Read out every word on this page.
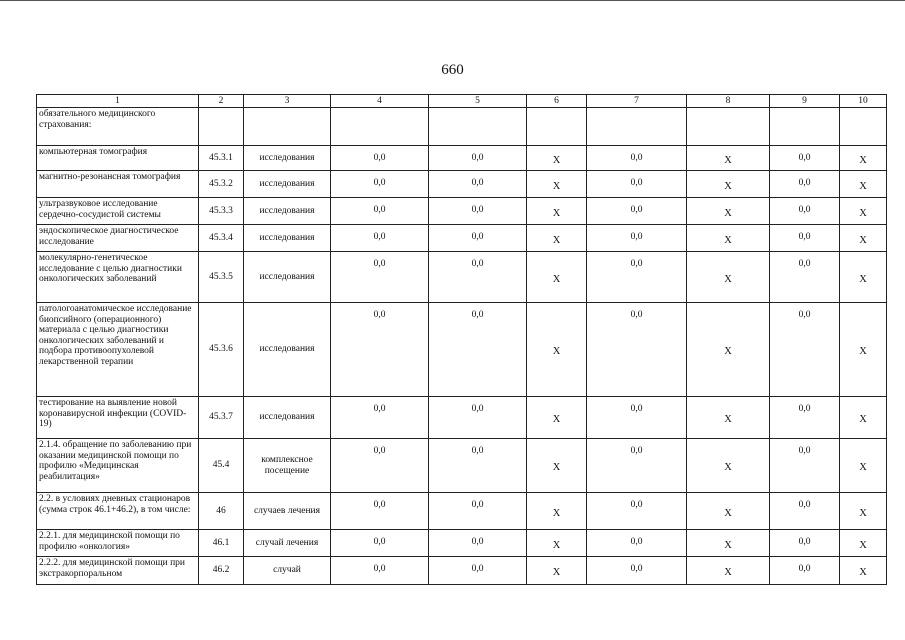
660
1	2	3	4	5	6	7	8	9	10
обязательного медицинского страхования:									
компьютерная томография	45.3.1	исследования	0,0	0,0	Х	0,0	Х	0,0	Х
магнитно-резонансная томография	45.3.2	исследования	0,0	0,0	Х	0,0	Х	0,0	Х
ультразвуковое исследование сердечно-сосудистой системы	45.3.3	исследования	0,0	0,0	Х	0,0	Х	0,0	Х
эндоскопическое диагностическое исследование	45.3.4	исследования	0,0	0,0	Х	0,0	Х	0,0	Х
молекулярно-генетическое исследование с целью диагностики онкологических заболеваний	45.3.5	исследования	0,0	0,0	Х	0,0	Х	0,0	Х
патологоанатомическое исследование биопсийного (операционного) материала с целью диагностики онкологических заболеваний и подбора противоопухолевой лекарственной терапии	45.3.6	исследования	0,0	0,0	Х	0,0	Х	0,0	Х
тестирование на выявление новой коронавирусной инфекции (COVID-19)	45.3.7	исследования	0,0	0,0	Х	0,0	Х	0,0	Х
2.1.4. обращение по заболеванию при оказании медицинской помощи по профилю «Медицинская реабилитация»	45.4	комплексное посещение	0,0	0,0	Х	0,0	Х	0,0	Х
2.2. в условиях дневных стационаров (сумма строк 46.1+46.2), в том числе:	46	случаев лечения	0,0	0,0	Х	0,0	Х	0,0	Х
2.2.1. для медицинской помощи по профилю «онкология»	46.1	случай лечения	0,0	0,0	Х	0,0	Х	0,0	Х
2.2.2. для медицинской помощи при экстракорпоральном	46.2	случай	0,0	0,0	Х	0,0	Х	0,0	Х
